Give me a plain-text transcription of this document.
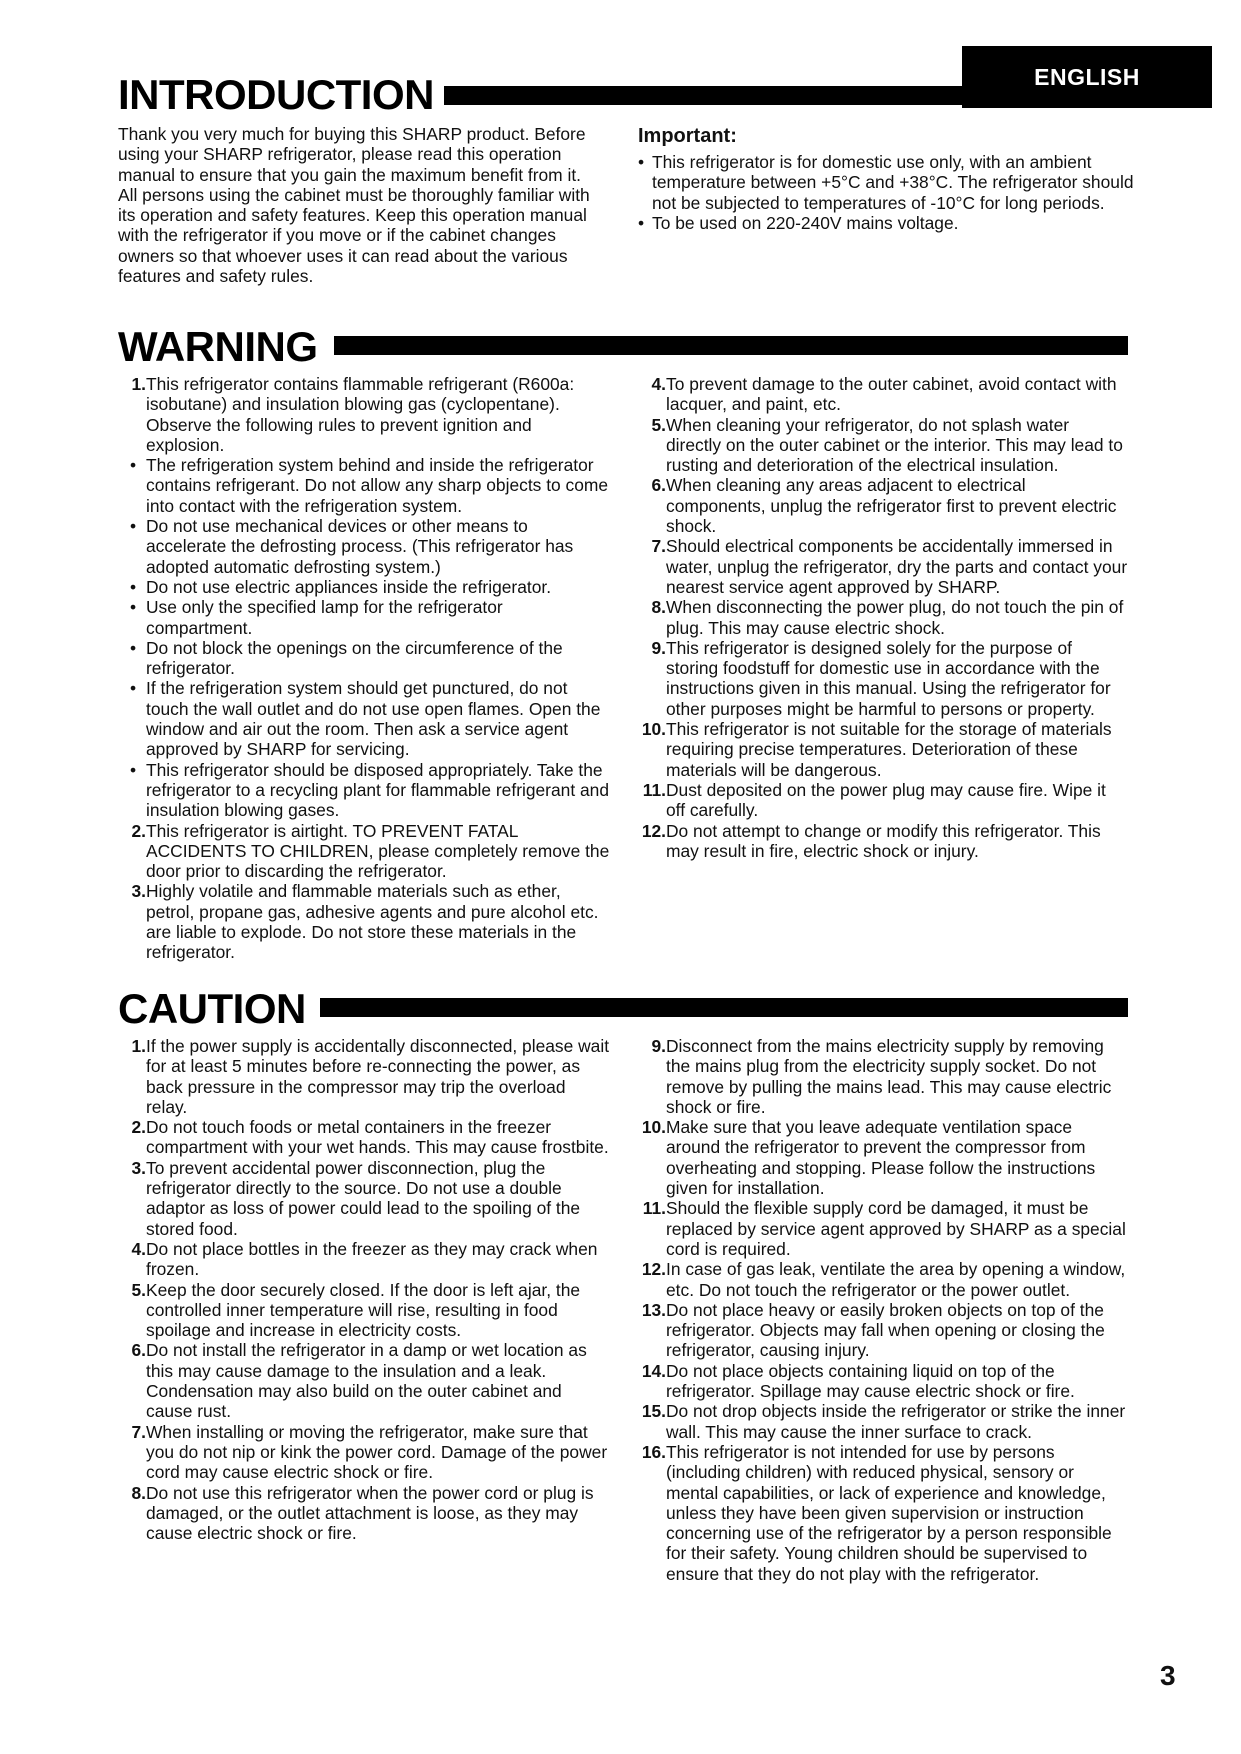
ENGLISH
INTRODUCTION

Thank you very much for buying this SHARP product. Before using your SHARP refrigerator, please read this operation manual to ensure that you gain the maximum benefit from it.

All persons using the cabinet must be thoroughly familiar with its operation and safety features. Keep this operation manual with the refrigerator if you move or if the cabinet changes owners so that whoever uses it can read about the various features and safety rules.

Important:
• This refrigerator is for domestic use only, with an ambient temperature between +5°C and +38°C. The refrigerator should not be subjected to temperatures of -10°C for long periods.
• To be used on 220-240V mains voltage.
WARNING
1. This refrigerator contains flammable refrigerant (R600a: isobutane) and insulation blowing gas (cyclopentane). Observe the following rules to prevent ignition and explosion.
• The refrigeration system behind and inside the refrigerator contains refrigerant. Do not allow any sharp objects to come into contact with the refrigeration system.
• Do not use mechanical devices or other means to accelerate the defrosting process. (This refrigerator has adopted automatic defrosting system.)
• Do not use electric appliances inside the refrigerator.
• Use only the specified lamp for the refrigerator compartment.
• Do not block the openings on the circumference of the refrigerator.
• If the refrigeration system should get punctured, do not touch the wall outlet and do not use open flames. Open the window and air out the room. Then ask a service agent approved by SHARP for servicing.
• This refrigerator should be disposed appropriately. Take the refrigerator to a recycling plant for flammable refrigerant and insulation blowing gases.
2. This refrigerator is airtight. TO PREVENT FATAL ACCIDENTS TO CHILDREN, please completely remove the door prior to discarding the refrigerator.
3. Highly volatile and flammable materials such as ether, petrol, propane gas, adhesive agents and pure alcohol etc. are liable to explode. Do not store these materials in the refrigerator.
4. To prevent damage to the outer cabinet, avoid contact with lacquer, and paint, etc.
5. When cleaning your refrigerator, do not splash water directly on the outer cabinet or the interior. This may lead to rusting and deterioration of the electrical insulation.
6. When cleaning any areas adjacent to electrical components, unplug the refrigerator first to prevent electric shock.
7. Should electrical components be accidentally immersed in water, unplug the refrigerator, dry the parts and contact your nearest service agent approved by SHARP.
8. When disconnecting the power plug, do not touch the pin of plug. This may cause electric shock.
9. This refrigerator is designed solely for the purpose of storing foodstuff for domestic use in accordance with the instructions given in this manual. Using the refrigerator for other purposes might be harmful to persons or property.
10. This refrigerator is not suitable for the storage of materials requiring precise temperatures. Deterioration of these materials will be dangerous.
11. Dust deposited on the power plug may cause fire. Wipe it off carefully.
12. Do not attempt to change or modify this refrigerator. This may result in fire, electric shock or injury.
CAUTION
1. If the power supply is accidentally disconnected, please wait for at least 5 minutes before re-connecting the power, as back pressure in the compressor may trip the overload relay.
2. Do not touch foods or metal containers in the freezer compartment with your wet hands. This may cause frostbite.
3. To prevent accidental power disconnection, plug the refrigerator directly to the source. Do not use a double adaptor as loss of power could lead to the spoiling of the stored food.
4. Do not place bottles in the freezer as they may crack when frozen.
5. Keep the door securely closed. If the door is left ajar, the controlled inner temperature will rise, resulting in food spoilage and increase in electricity costs.
6. Do not install the refrigerator in a damp or wet location as this may cause damage to the insulation and a leak. Condensation may also build on the outer cabinet and cause rust.
7. When installing or moving the refrigerator, make sure that you do not nip or kink the power cord. Damage of the power cord may cause electric shock or fire.
8. Do not use this refrigerator when the power cord or plug is damaged, or the outlet attachment is loose, as they may cause electric shock or fire.
9. Disconnect from the mains electricity supply by removing the mains plug from the electricity supply socket. Do not remove by pulling the mains lead. This may cause electric shock or fire.
10. Make sure that you leave adequate ventilation space around the refrigerator to prevent the compressor from overheating and stopping. Please follow the instructions given for installation.
11. Should the flexible supply cord be damaged, it must be replaced by service agent approved by SHARP as a special cord is required.
12. In case of gas leak, ventilate the area by opening a window, etc. Do not touch the refrigerator or the power outlet.
13. Do not place heavy or easily broken objects on top of the refrigerator. Objects may fall when opening or closing the refrigerator, causing injury.
14. Do not place objects containing liquid on top of the refrigerator. Spillage may cause electric shock or fire.
15. Do not drop objects inside the refrigerator or strike the inner wall. This may cause the inner surface to crack.
16. This refrigerator is not intended for use by persons (including children) with reduced physical, sensory or mental capabilities, or lack of experience and knowledge, unless they have been given supervision or instruction concerning use of the refrigerator by a person responsible for their safety. Young children should be supervised to ensure that they do not play with the refrigerator.
3
